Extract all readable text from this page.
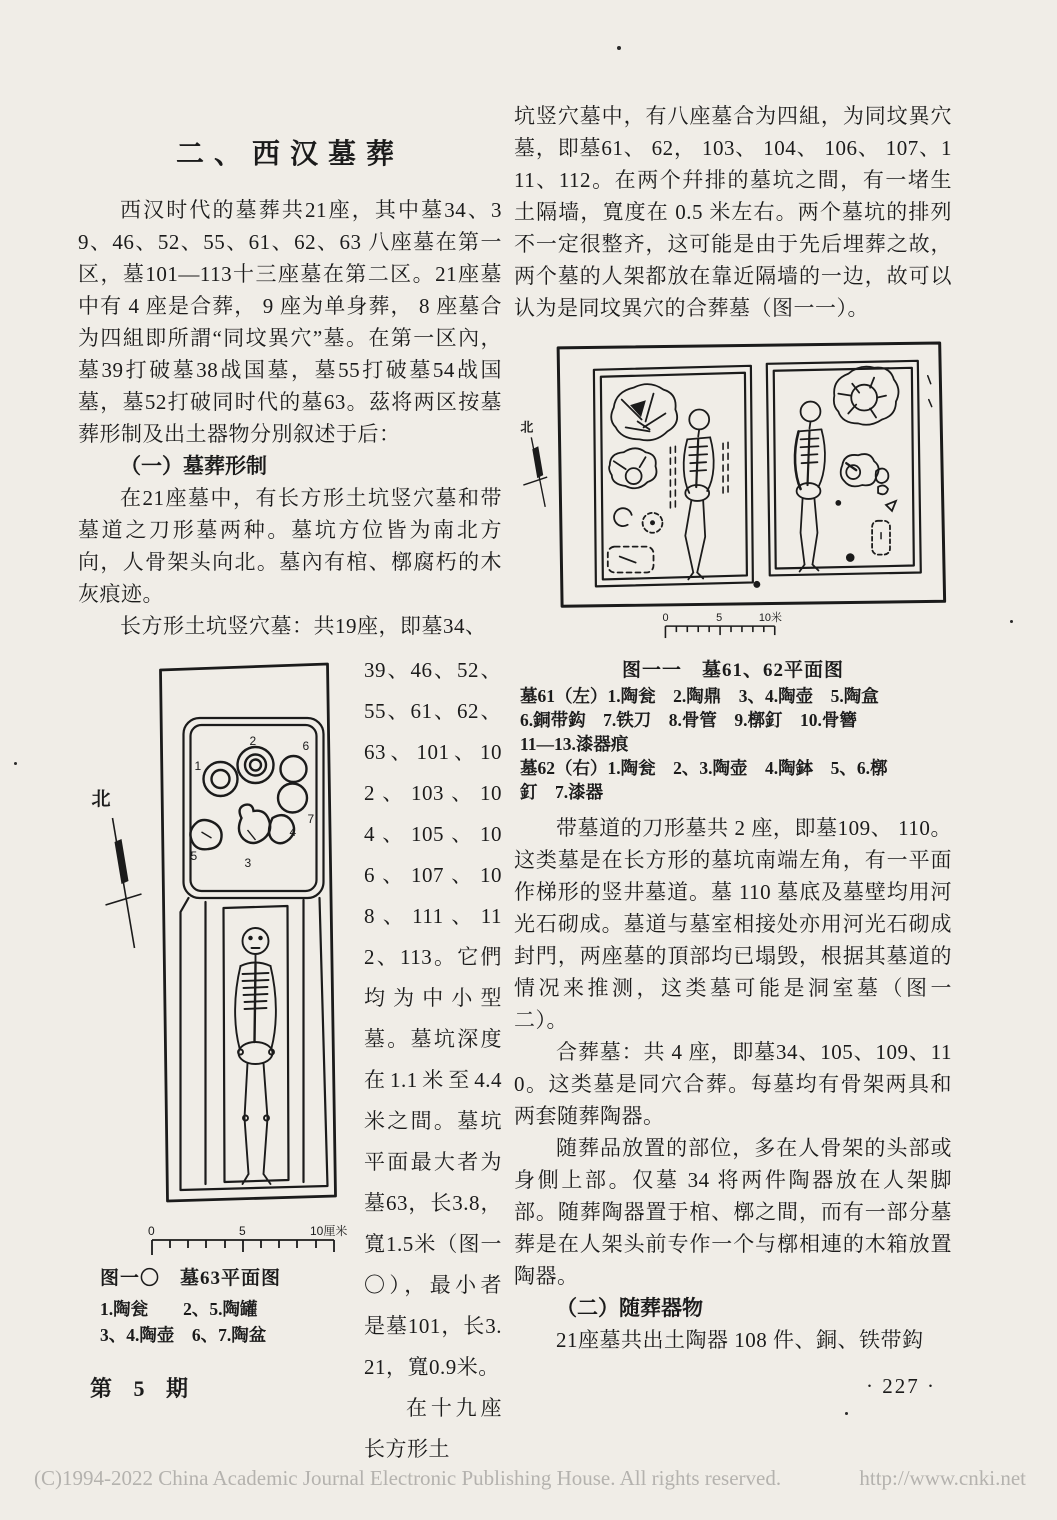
二、西汉墓葬

西汉时代的墓葬共21座，其中墓34、39、46、52、55、61、62、63 八座墓在第一区，墓101—113十三座墓在第二区。21座墓中有 4 座是合葬， 9 座为单身葬， 8 座墓合为四組即所謂“同坟異穴”墓。在第一区內，墓39打破墓38战国墓，墓55打破墓54战国墓，墓52打破同时代的墓63。茲将两区按墓葬形制及出土器物分別叙述于后：

（一）墓葬形制

在21座墓中，有长方形土坑竖穴墓和带墓道之刀形墓两种。墓坑方位皆为南北方向，人骨架头向北。墓內有棺、槨腐朽的木灰痕迹。

长方形土坑竖穴墓：共19座，即墓34、

北
1
2
3
4
5
6
7
0	5	10厘米
图一〇　墓63平面图
1.陶瓮　　2、5.陶罐
3、4.陶壶　6、7.陶盆

39、46、52、55、61、62、63、101、102、103、104、105、106、107、108、111、112、113。它們均为中小型墓。墓坑深度在1.1米至4.4米之間。墓坑平面最大者为墓63，长3.8，寬1.5米（图一〇），最小者是墓101，长3.21，寬0.9米。

在十九座长方形土

坑竖穴墓中，有八座墓合为四組，为同坟異穴墓，即墓61、 62， 103、 104、 106、 107、111、112。在两个幷排的墓坑之間，有一堵生土隔墙，寬度在 0.5 米左右。两个墓坑的排列不一定很整齐，这可能是由于先后埋葬之故，两个墓的人架都放在靠近隔墙的一边，故可以认为是同坟異穴的合葬墓（图一一）。

北
0	5	10米
图一一　墓61、62平面图
墓61（左）1.陶瓮　2.陶鼎　3、4.陶壶　5.陶盒
6.銅带鈎　7.铁刀　8.骨管　9.槨釘　10.骨簪
11—13.漆器痕
墓62（右）1.陶瓮　2、3.陶壶　4.陶鉢　5、6.槨
釘　7.漆器

带墓道的刀形墓共 2 座，即墓109、 110。这类墓是在长方形的墓坑南端左角，有一平面作梯形的竖井墓道。墓 110 墓底及墓壁均用河光石砌成。墓道与墓室相接处亦用河光石砌成封門，两座墓的頂部均已塌毁，根据其墓道的情况来推测，这类墓可能是洞室墓（图一二）。

合葬墓：共 4 座，即墓34、105、109、110。这类墓是同穴合葬。每墓均有骨架两具和两套随葬陶器。

随葬品放置的部位，多在人骨架的头部或身側上部。仅墓 34 将两件陶器放在人架脚部。随葬陶器置于棺、槨之間，而有一部分墓葬是在人架头前专作一个与槨相連的木箱放置陶器。

（二）随葬器物

21座墓共出土陶器 108 件、銅、铁带鈎

第 5 期	· 227 ·
(C)1994-2022 China Academic Journal Electronic Publishing House. All rights reserved.	http://www.cnki.net
